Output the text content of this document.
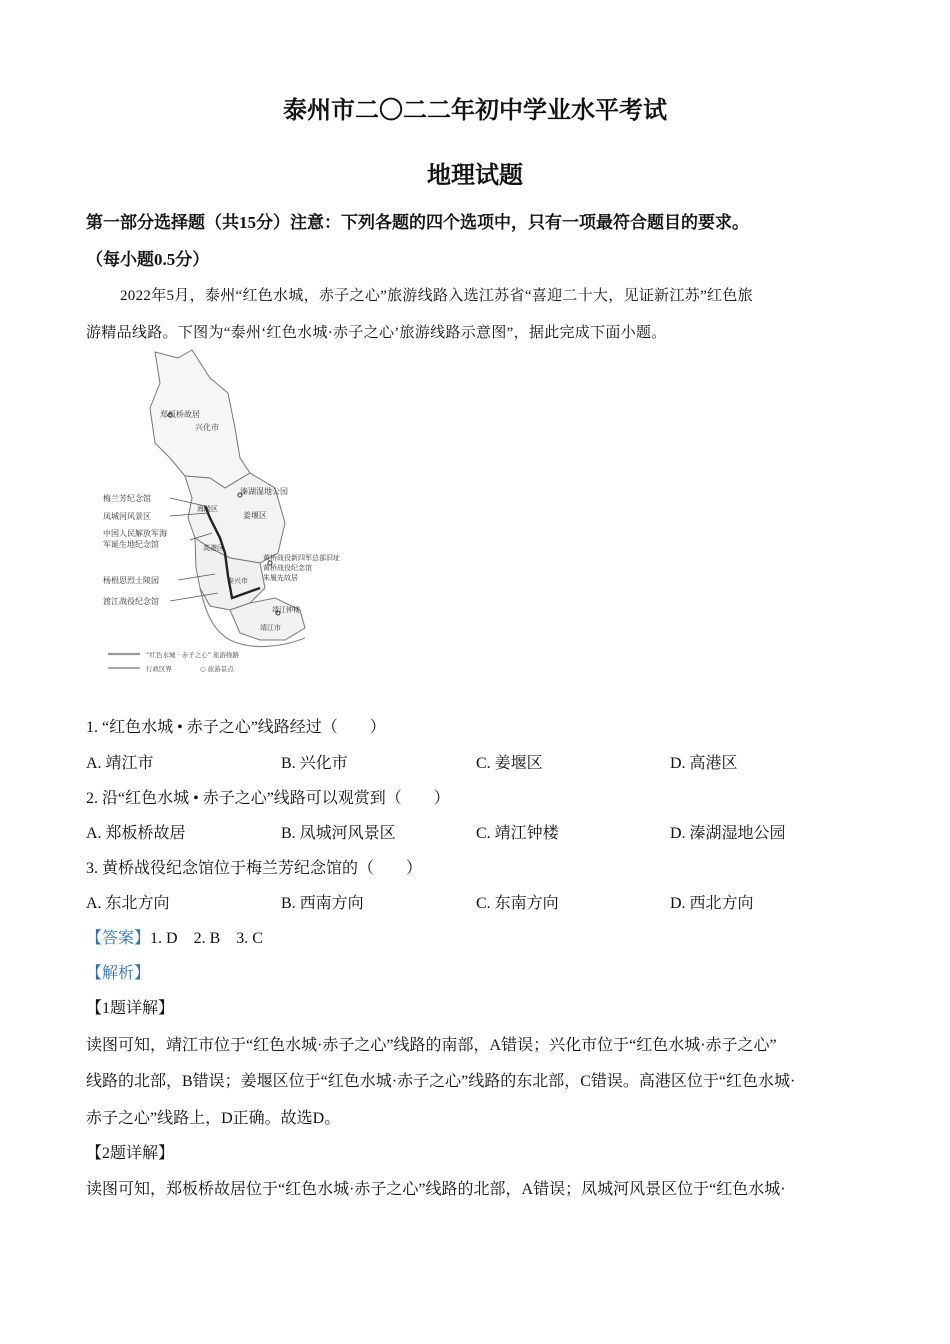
泰州市二〇二二年初中学业水平考试
地理试题
第一部分选择题（共15分）注意：下列各题的四个选项中，只有一项最符合题目的要求。
（每小题0.5分）
2022年5月，泰州“红色水城，赤子之心”旅游线路入选江苏省“喜迎二十大，见证新江苏”红色旅
游精品线路。下图为“泰州‘红色水城·赤子之心’旅游线路示意图”，据此完成下面小题。
郑板桥故居
兴化市
梅兰芳纪念馆
凤城河风景区
中国人民解放军海
军诞生地纪念馆
海陵区
溱湖湿地公园
姜堰区
高港区
黄桥战役新四军总部旧址
黄桥战役纪念馆
朱履先故居
泰兴市
杨根思烈士陵园
渡江战役纪念馆
靖江钟楼
靖江市
“红色水城 · 赤子之心” 旅游线路
行政区界	○ 旅游景点
1. “红色水城 • 赤子之心”线路经过（　　）
A. 靖江市	B. 兴化市	C. 姜堰区	D. 高港区
2. 沿“红色水城 • 赤子之心”线路可以观赏到（　　）
A. 郑板桥故居	B. 凤城河风景区	C. 靖江钟楼	D. 溱湖湿地公园
3. 黄桥战役纪念馆位于梅兰芳纪念馆的（　　）
A. 东北方向	B. 西南方向	C. 东南方向	D. 西北方向
【答案】1. D　2. B　3. C
【解析】
【1题详解】
读图可知，靖江市位于“红色水城·赤子之心”线路的南部，A错误；兴化市位于“红色水城·赤子之心”
线路的北部，B错误；姜堰区位于“红色水城·赤子之心”线路的东北部，C错误。高港区位于“红色水城·
赤子之心”线路上，D正确。故选D。
【2题详解】
读图可知，郑板桥故居位于“红色水城·赤子之心”线路的北部，A错误；凤城河风景区位于“红色水城·
